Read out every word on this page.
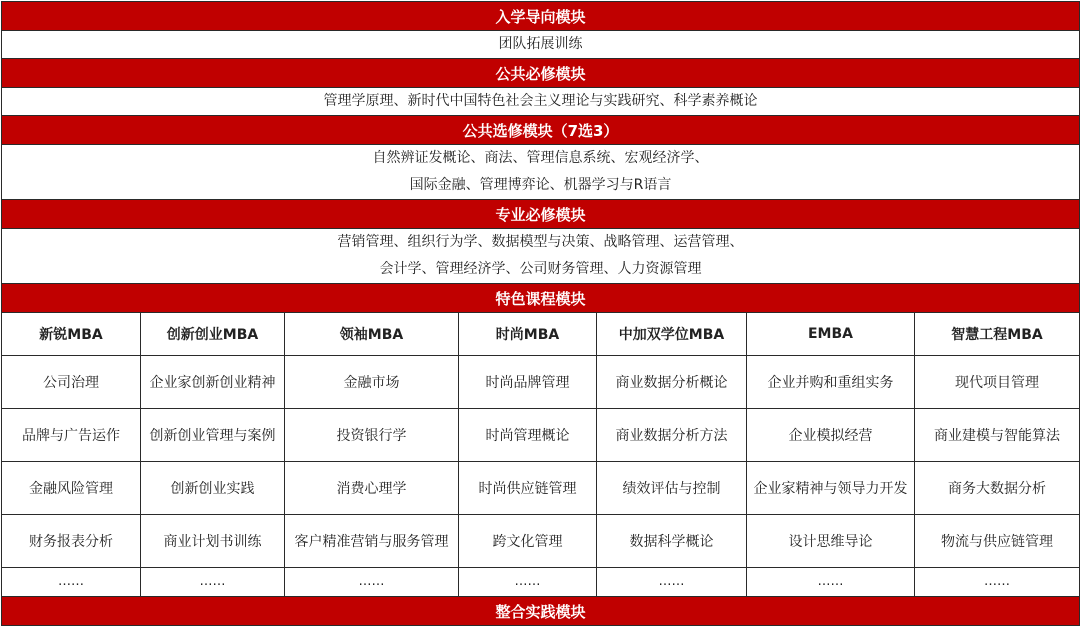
入学导向模块						

团队拓展训练						

公共必修模块						

管理学原理、新时代中国特色社会主义理论与实践研究、科学素养概论						

公共选修模块（7选3）						

自然辨证发概论、商法、管理信息系统、宏观经济学、
国际金融、管理博弈论、机器学习与R语言						

专业必修模块						

营销管理、组织行为学、数据模型与决策、战略管理、运营管理、
会计学、管理经济学、公司财务管理、人力资源管理						

特色课程模块						
新锐MBA	创新创业MBA	领袖MBA	时尚MBA	中加双学位MBA	EMBA	智慧工程MBA
公司治理	企业家创新创业精神	金融市场	时尚品牌管理	商业数据分析概论	企业并购和重组实务	现代项目管理
品牌与广告运作	创新创业管理与案例	投资银行学	时尚管理概论	商业数据分析方法	企业模拟经营	商业建模与智能算法
金融风险管理	创新创业实践	消费心理学	时尚供应链管理	绩效评估与控制	企业家精神与领导力开发	商务大数据分析
财务报表分析	商业计划书训练	客户精准营销与服务管理	跨文化管理	数据科学概论	设计思维导论	物流与供应链管理
……	……	……	……	……	……	……
整合实践模块						
